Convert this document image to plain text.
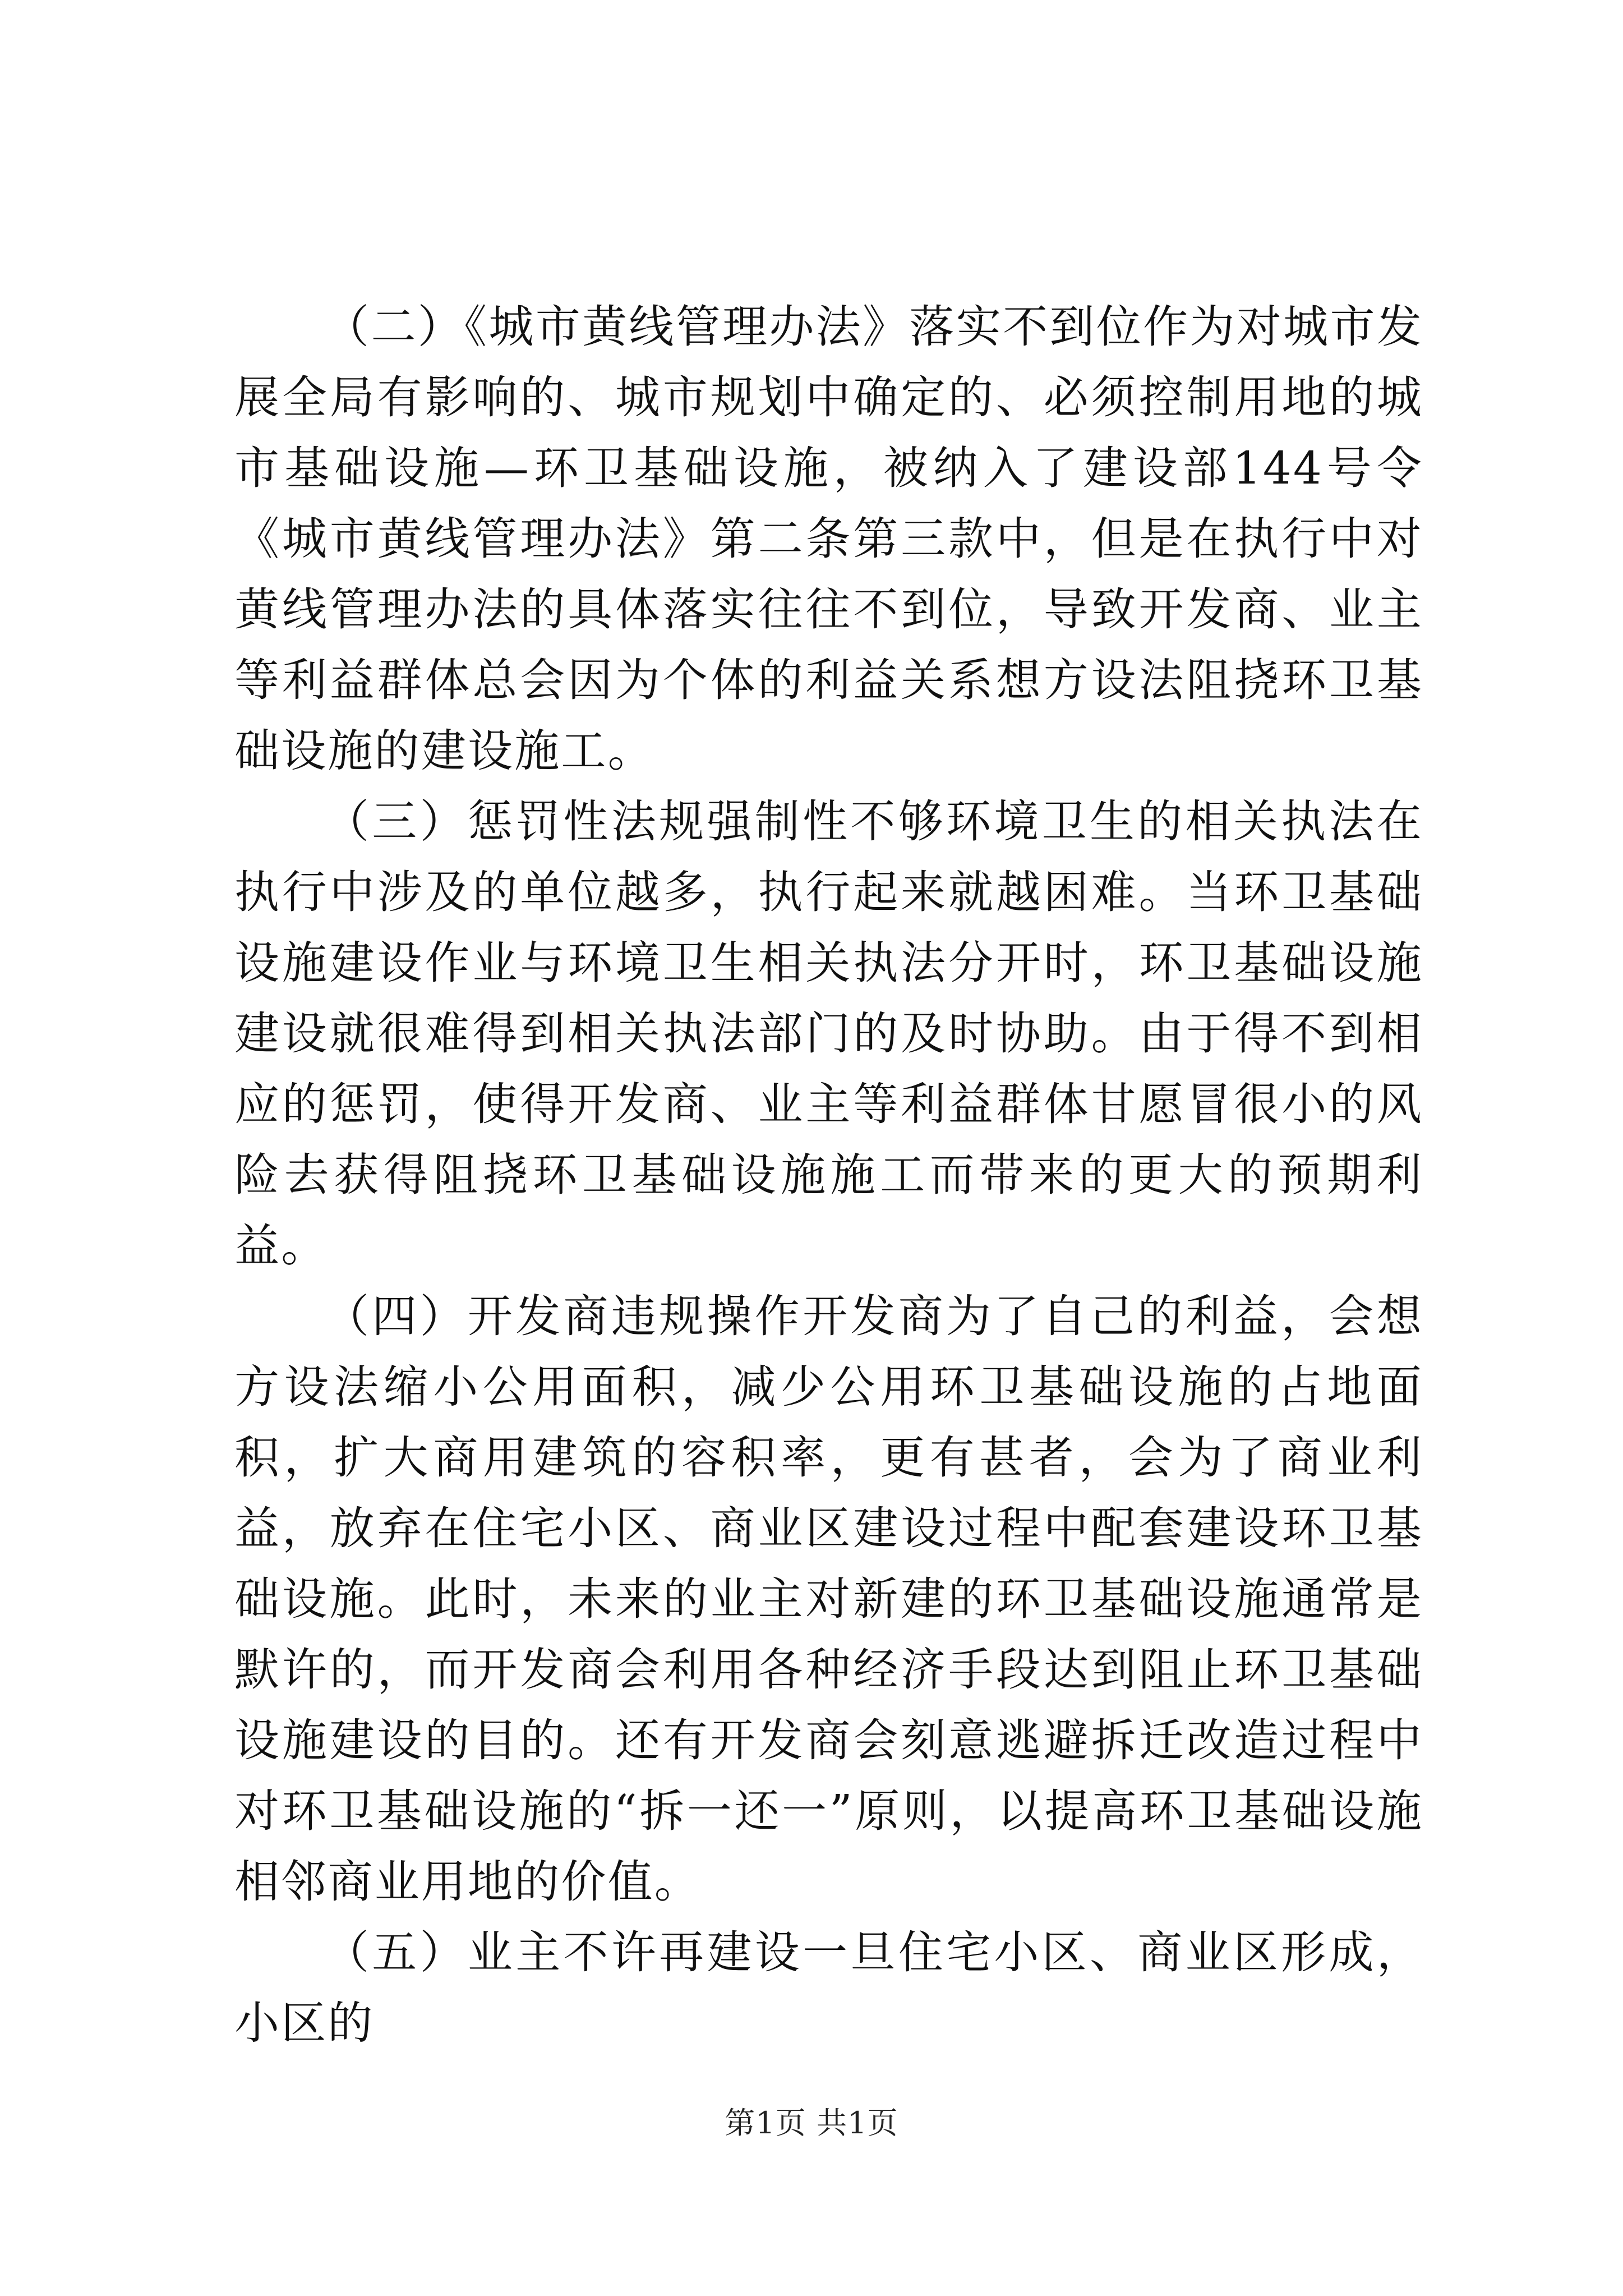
（二）《城市黄线管理办法》落实不到位作为对城市发展全局有影响的、城市规划中确定的、必须控制用地的城市基础设施—环卫基础设施，被纳入了建设部144号令《城市黄线管理办法》第二条第三款中，但是在执行中对黄线管理办法的具体落实往往不到位，导致开发商、业主等利益群体总会因为个体的利益关系想方设法阻挠环卫基础设施的建设施工。

（三）惩罚性法规强制性不够环境卫生的相关执法在执行中涉及的单位越多，执行起来就越困难。当环卫基础设施建设作业与环境卫生相关执法分开时，环卫基础设施建设就很难得到相关执法部门的及时协助。由于得不到相应的惩罚，使得开发商、业主等利益群体甘愿冒很小的风险去获得阻挠环卫基础设施施工而带来的更大的预期利益。

（四）开发商违规操作开发商为了自己的利益，会想方设法缩小公用面积，减少公用环卫基础设施的占地面积，扩大商用建筑的容积率，更有甚者，会为了商业利益，放弃在住宅小区、商业区建设过程中配套建设环卫基础设施。此时，未来的业主对新建的环卫基础设施通常是默许的，而开发商会利用各种经济手段达到阻止环卫基础设施建设的目的。还有开发商会刻意逃避拆迁改造过程中对环卫基础设施的“拆一还一”原则，以提高环卫基础设施相邻商业用地的价值。

（五）业主不许再建设一旦住宅小区、商业区形成，小区的

第1页 共1页
